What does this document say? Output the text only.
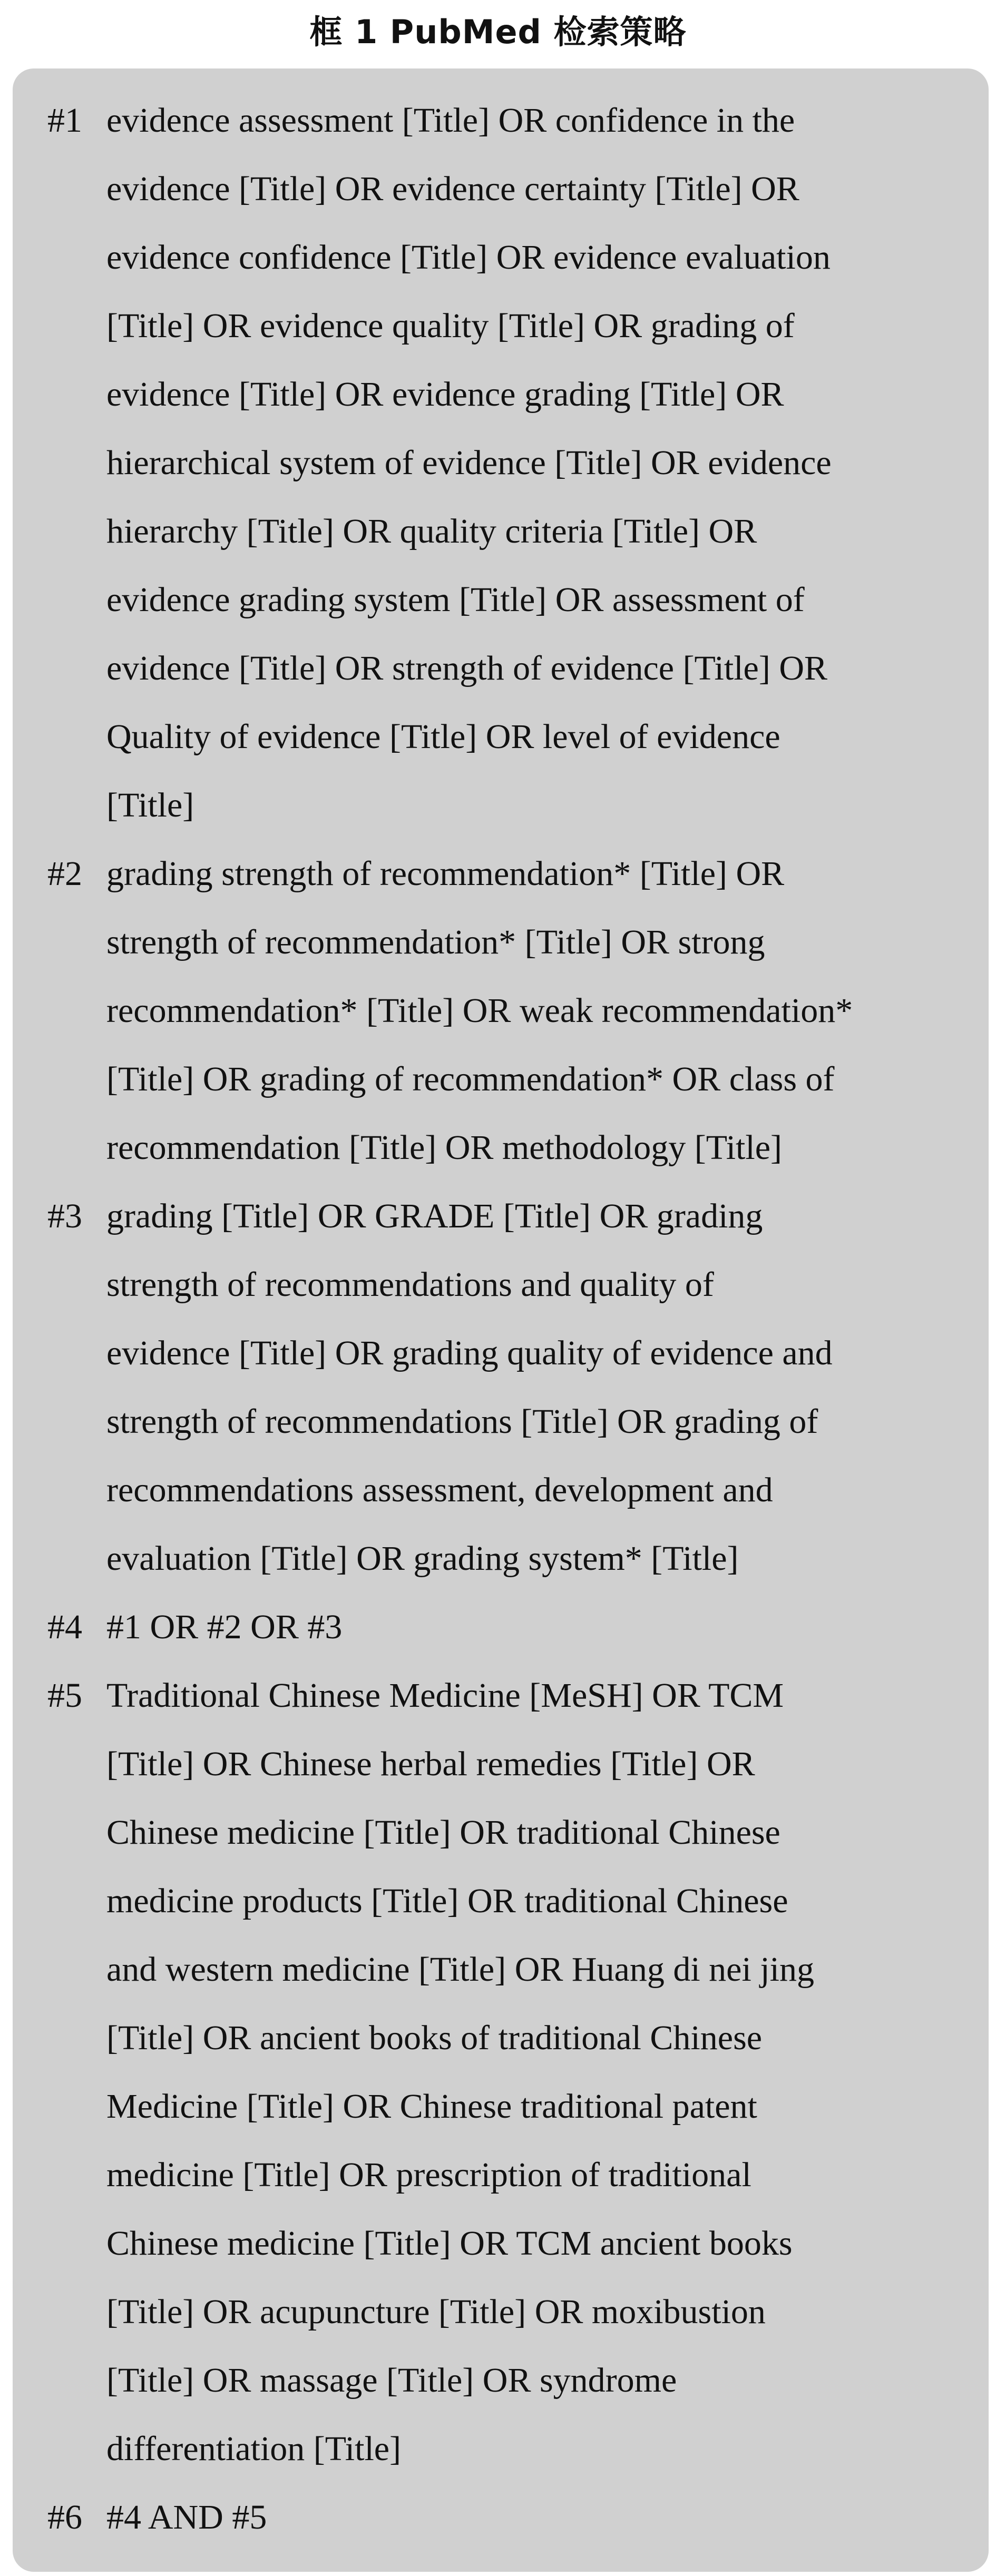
框 1 PubMed 检索策略
#1 evidence assessment [Title] OR confidence in the
evidence [Title] OR evidence certainty [Title] OR
evidence confidence [Title] OR evidence evaluation
[Title] OR evidence quality [Title] OR grading of
evidence [Title] OR evidence grading [Title] OR
hierarchical system of evidence [Title] OR evidence
hierarchy [Title] OR quality criteria [Title] OR
evidence grading system [Title] OR assessment of
evidence [Title] OR strength of evidence [Title] OR
Quality of evidence [Title] OR level of evidence
[Title]
#2 grading strength of recommendation* [Title] OR
strength of recommendation* [Title] OR strong
recommendation* [Title] OR weak recommendation*
[Title] OR grading of recommendation* OR class of
recommendation [Title] OR methodology [Title]
#3 grading [Title] OR GRADE [Title] OR grading
strength of recommendations and quality of
evidence [Title] OR grading quality of evidence and
strength of recommendations [Title] OR grading of
recommendations assessment, development and
evaluation [Title] OR grading system* [Title]
#4 #1 OR #2 OR #3
#5 Traditional Chinese Medicine [MeSH] OR TCM
[Title] OR Chinese herbal remedies [Title] OR
Chinese medicine [Title] OR traditional Chinese
medicine products [Title] OR traditional Chinese
and western medicine [Title] OR Huang di nei jing
[Title] OR ancient books of traditional Chinese
Medicine [Title] OR Chinese traditional patent
medicine [Title] OR prescription of traditional
Chinese medicine [Title] OR TCM ancient books
[Title] OR acupuncture [Title] OR moxibustion
[Title] OR massage [Title] OR syndrome
differentiation [Title]
#6 #4 AND #5
